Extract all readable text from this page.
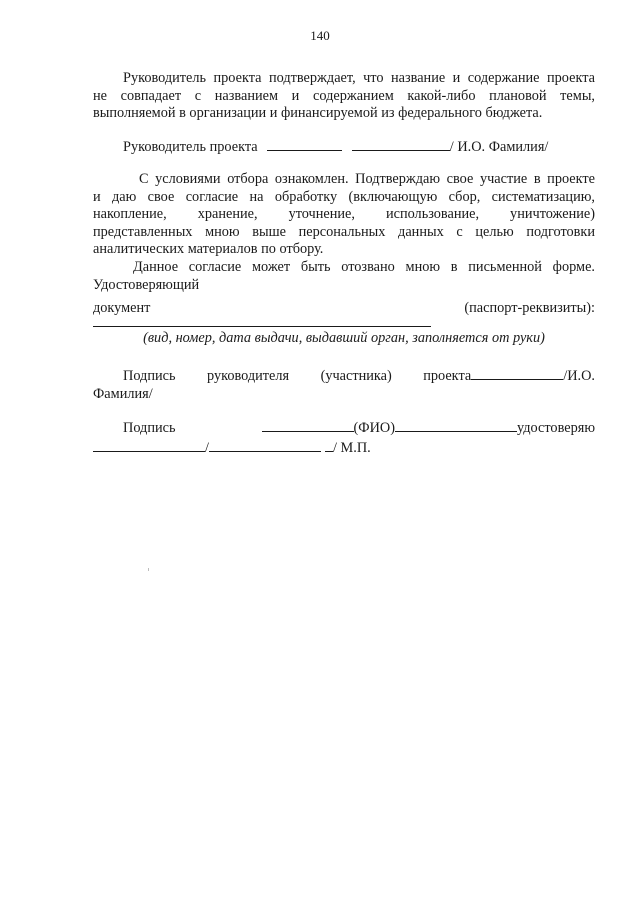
140
Руководитель проекта подтверждает, что название и содержание проекта
не совпадает с названием и содержанием какой-либо плановой темы,
выполняемой в организации и финансируемой из федерального бюджета.
Руководитель проекта	/ И.О. Фамилия/
С условиями отбора ознакомлен. Подтверждаю свое участие в проекте
и даю свое согласие на обработку (включающую сбор, систематизацию,
накопление, хранение, уточнение, использование, уничтожение)
представленных мною выше персональных данных с целью подготовки
аналитических материалов по отбору.
Данное согласие может быть отозвано мною в письменной форме.
Удостоверяющий
документ	(паспорт-реквизиты):
(вид, номер, дата выдачи, выдавший орган, заполняется от руки)
Подпись руководителя (участника) проекта	/И.О.
Фамилия/
Подпись	(ФИО)	удостоверяю
/	/ М.П.
